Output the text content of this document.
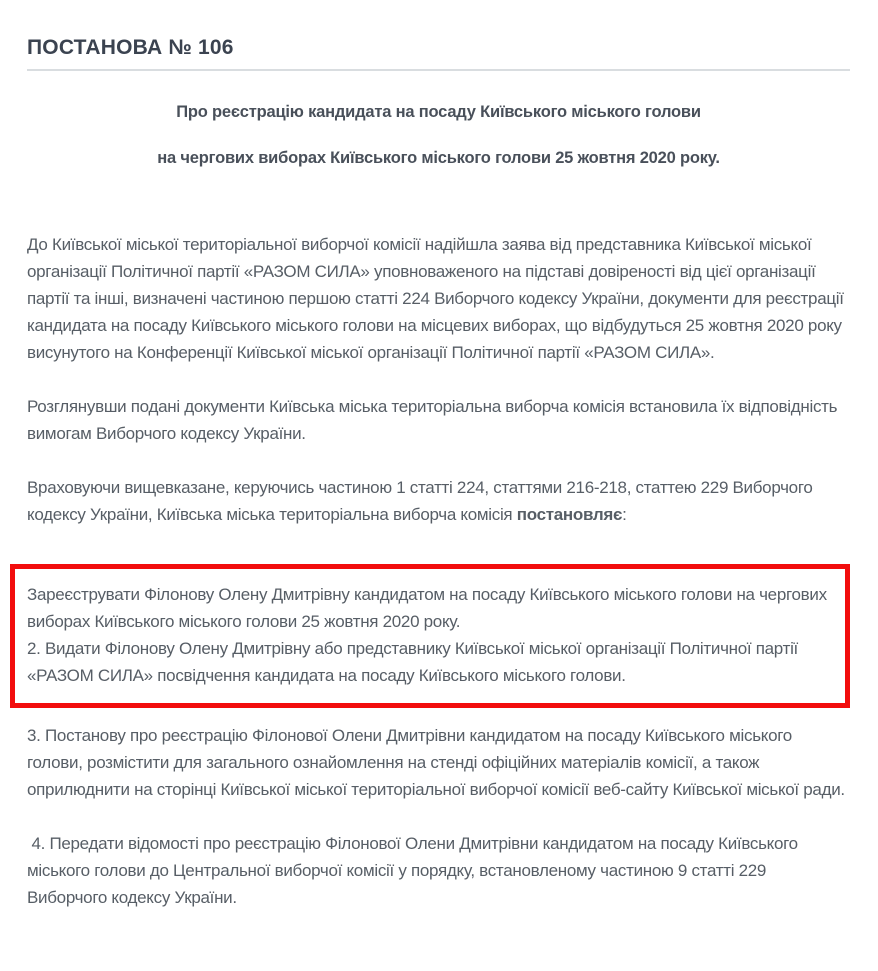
ПОСТАНОВА № 106

Про реєстрацію кандидата на посаду Київського міського голови

на чергових виборах Київського міського голови 25 жовтня 2020 року.

До Київської міської територіальної виборчої комісії надійшла заява від представника Київської міської організації Політичної партії «РАЗОМ СИЛА» уповноваженого на підставі довіреності від цієї організації партії та інші, визначені частиною першою статті 224 Виборчого кодексу України, документи для реєстрації кандидата на посаду Київського міського голови на місцевих виборах, що відбудуться 25 жовтня 2020 року висунутого на Конференції Київської міської організації Політичної партії «РАЗОМ СИЛА».

Розглянувши подані документи Київська міська територіальна виборча комісія встановила їх відповідність вимогам Виборчого кодексу України.

Враховуючи вищевказане, керуючись частиною 1 статті 224, статтями 216-218, статтею 229 Виборчого кодексу України, Київська міська територіальна виборча комісія постановляє:

Зареєструвати Філонову Олену Дмитрівну кандидатом на посаду Київського міського голови на чергових виборах Київського міського голови 25 жовтня 2020 року.

2. Видати Філонову Олену Дмитрівну або представнику Київської міської організації Політичної партії «РАЗОМ СИЛА» посвідчення кандидата на посаду Київського міського голови.

3. Постанову про реєстрацію Філонової Олени Дмитрівни кандидатом на посаду Київського міського голови, розмістити для загального ознайомлення на стенді офіційних матеріалів комісії, а також оприлюднити на сторінці Київської міської територіальної виборчої комісії веб-сайту Київської міської ради.

4. Передати відомості про реєстрацію Філонової Олени Дмитрівни кандидатом на посаду Київського міського голови до Центральної виборчої комісії у порядку, встановленому частиною 9 статті 229 Виборчого кодексу України.
